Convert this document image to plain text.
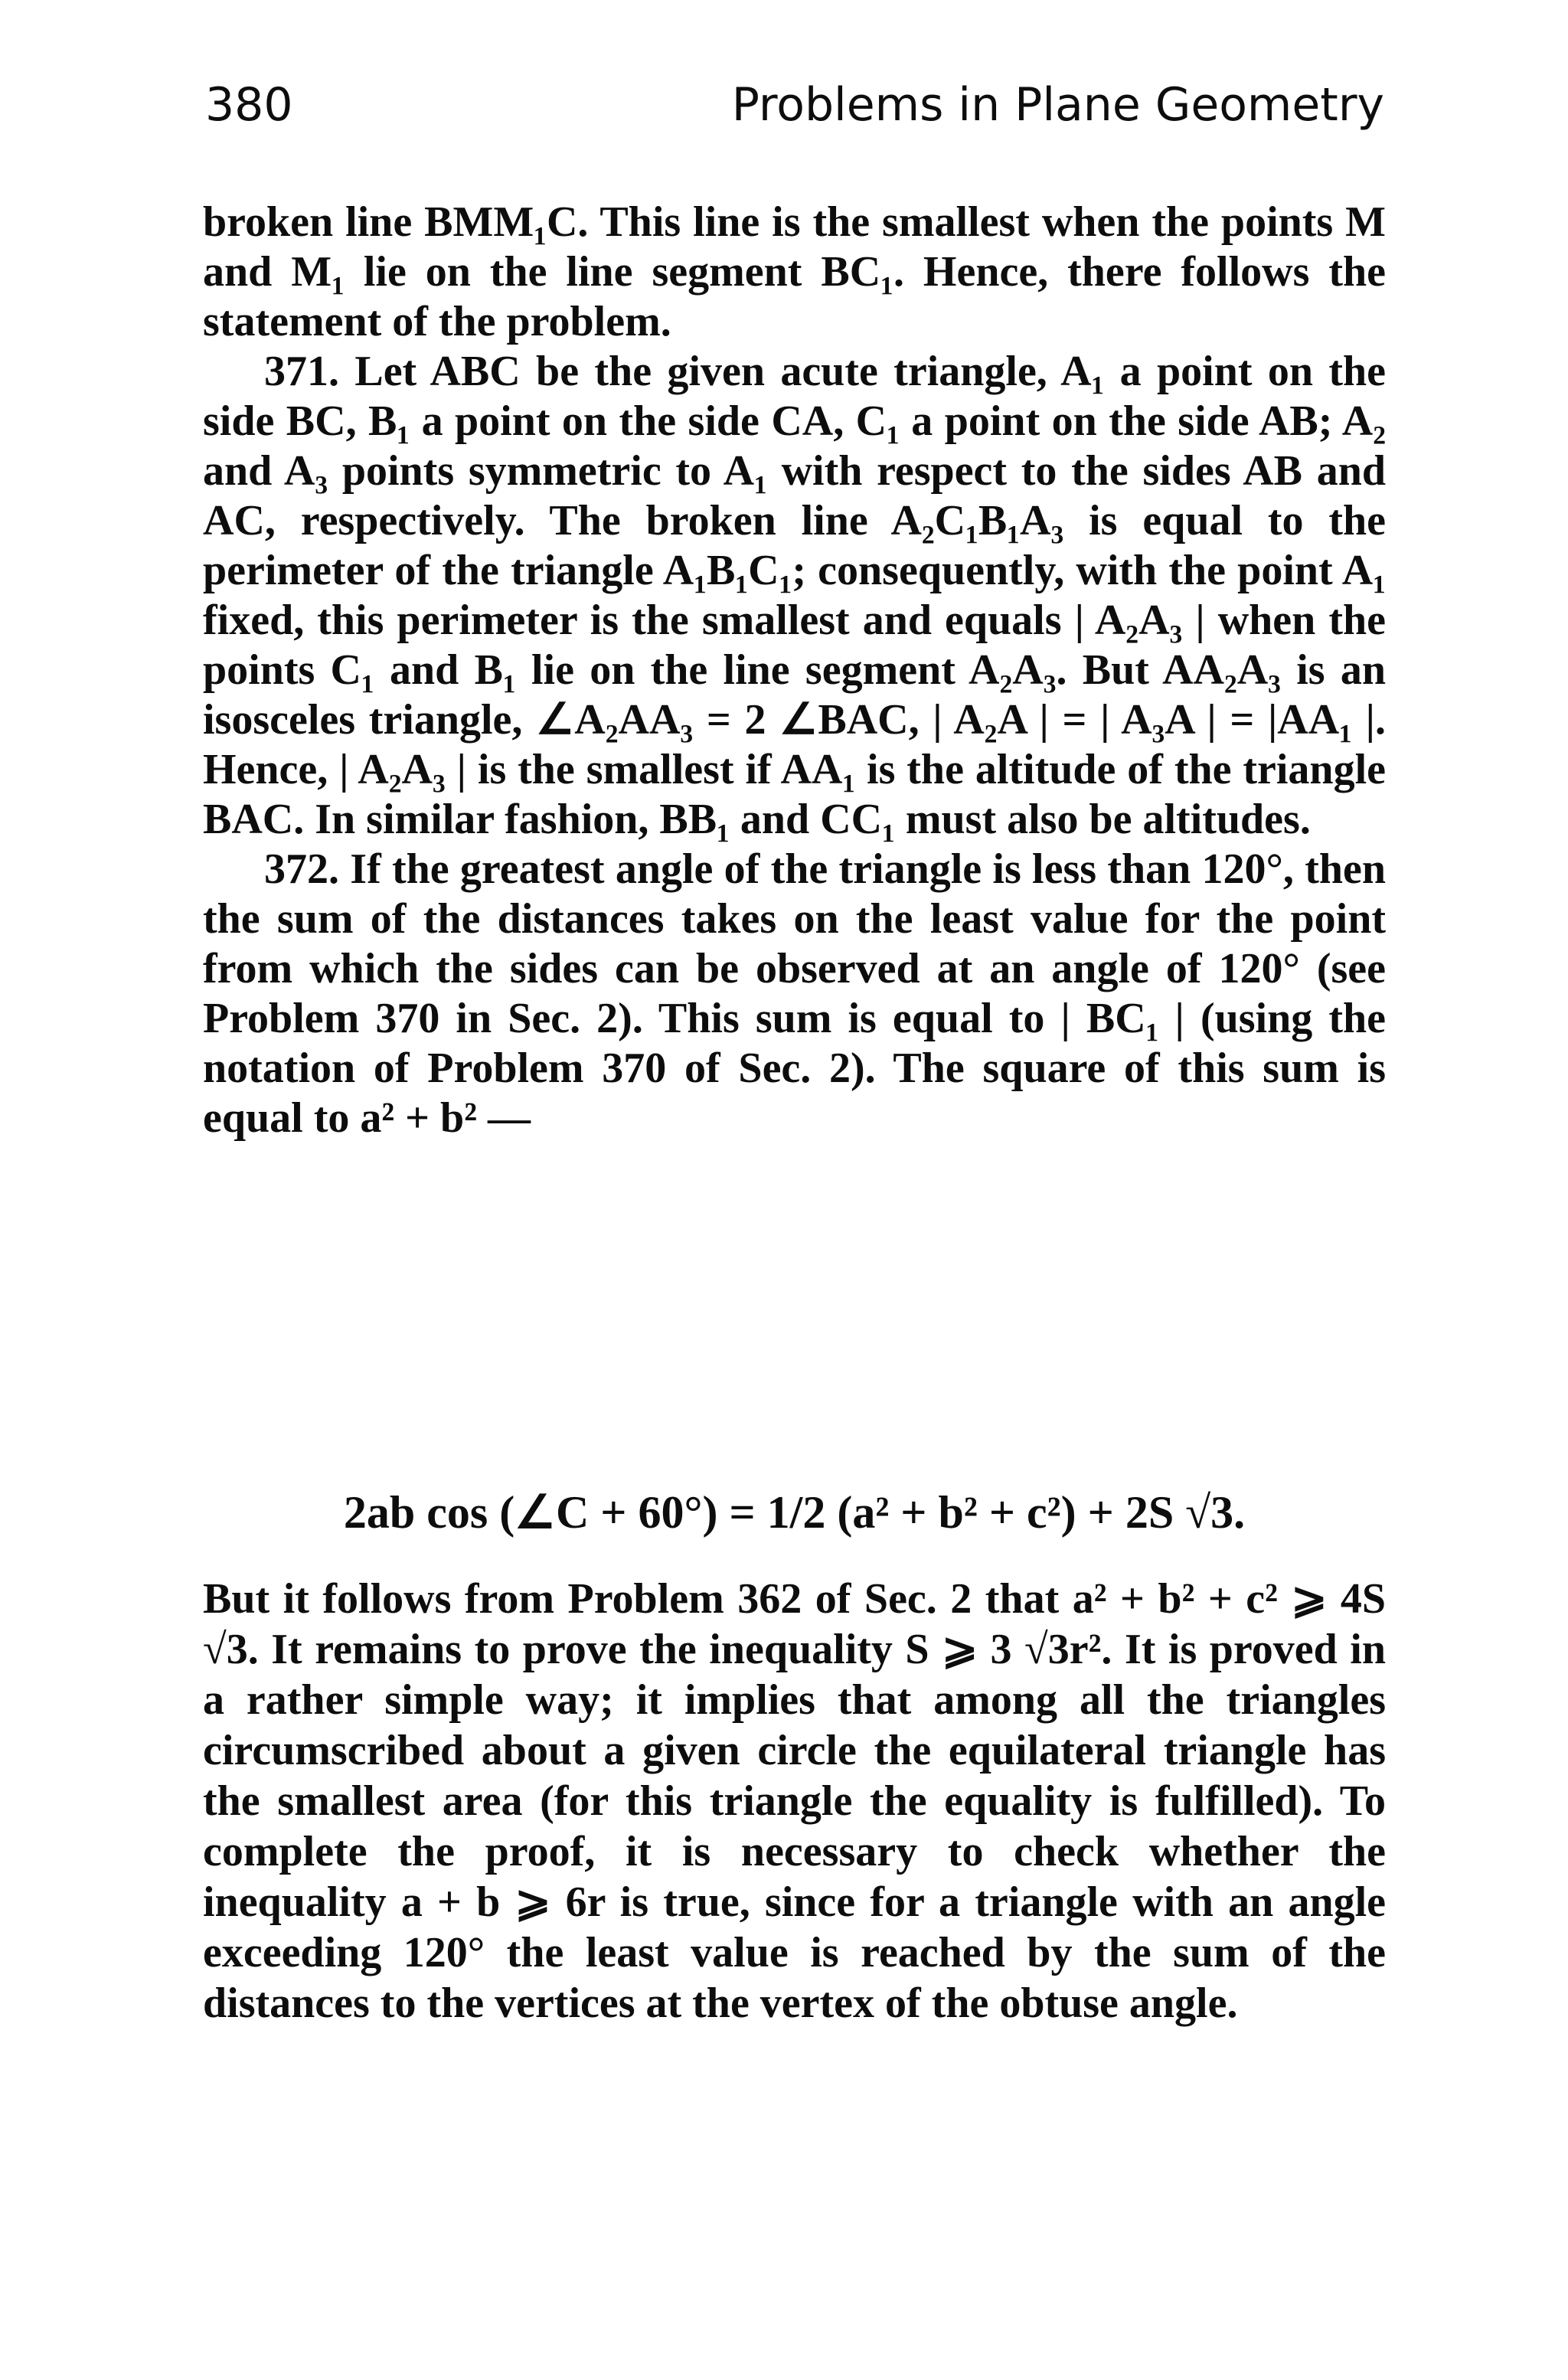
380	Problems in Plane Geometry

broken line BMM₁C. This line is the smallest when the points M and M₁ lie on the line segment BC₁. Hence, there follows the statement of the problem.

371. Let ABC be the given acute triangle, A₁ a point on the side BC, B₁ a point on the side CA, C₁ a point on the side AB; A₂ and A₃ points symmetric to A₁ with respect to the sides AB and AC, respectively. The broken line A₂C₁B₁A₃ is equal to the perimeter of the triangle A₁B₁C₁; consequently, with the point A₁ fixed, this perimeter is the smallest and equals | A₂A₃ | when the points C₁ and B₁ lie on the line segment A₂A₃. But AA₂A₃ is an isosceles triangle, ∠A₂AA₃ = 2 ∠BAC, | A₂A | = | A₃A | = |AA₁ |. Hence, | A₂A₃ | is the smallest if AA₁ is the altitude of the triangle BAC. In similar fashion, BB₁ and CC₁ must also be altitudes.

372. If the greatest angle of the triangle is less than 120°, then the sum of the distances takes on the least value for the point from which the sides can be observed at an angle of 120° (see Problem 370 in Sec. 2). This sum is equal to | BC₁ | (using the notation of Problem 370 of Sec. 2). The square of this sum is equal to a² + b² —

2ab cos (∠C + 60°) = 1/2 (a² + b² + c²) + 2S √3.

But it follows from Problem 362 of Sec. 2 that a² + b² + c² ⩾ 4S √3. It remains to prove the inequality S ⩾ 3 √3r². It is proved in a rather simple way; it implies that among all the triangles circumscribed about a given circle the equilateral triangle has the smallest area (for this triangle the equality is fulfilled). To complete the proof, it is necessary to check whether the inequality a + b ⩾ 6r is true, since for a triangle with an angle exceeding 120° the least value is reached by the sum of the distances to the vertices at the vertex of the obtuse angle.
